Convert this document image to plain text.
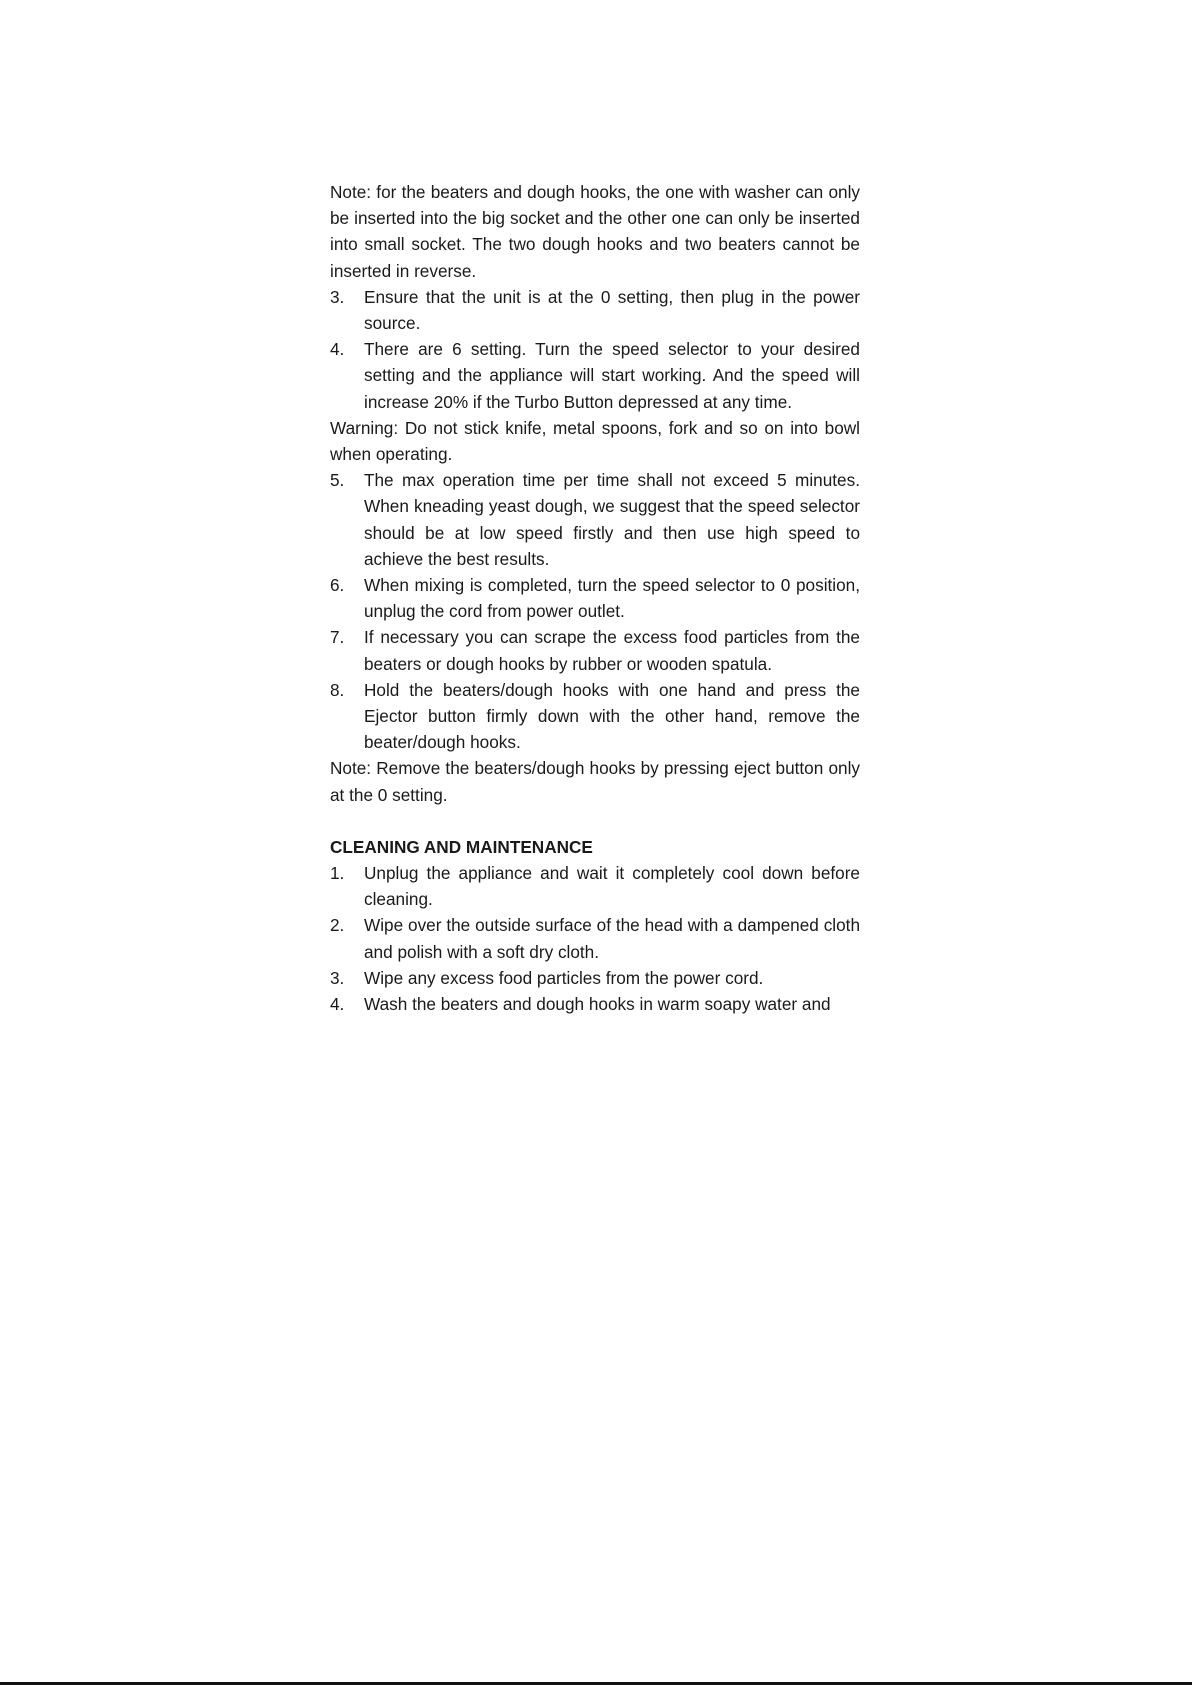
Note: for the beaters and dough hooks, the one with washer can only be inserted into the big socket and the other one can only be inserted into small socket. The two dough hooks and two beaters cannot be inserted in reverse.

3. Ensure that the unit is at the 0 setting, then plug in the power source.
4. There are 6 setting. Turn the speed selector to your desired setting and the appliance will start working. And the speed will increase 20% if the Turbo Button depressed at any time.

Warning: Do not stick knife, metal spoons, fork and so on into bowl when operating.

5. The max operation time per time shall not exceed 5 minutes. When kneading yeast dough, we suggest that the speed selector should be at low speed firstly and then use high speed to achieve the best results.
6. When mixing is completed, turn the speed selector to 0 position, unplug the cord from power outlet.
7. If necessary you can scrape the excess food particles from the beaters or dough hooks by rubber or wooden spatula.
8. Hold the beaters/dough hooks with one hand and press the Ejector button firmly down with the other hand, remove the beater/dough hooks.

Note: Remove the beaters/dough hooks by pressing eject button only at the 0 setting.

CLEANING AND MAINTENANCE

1. Unplug the appliance and wait it completely cool down before cleaning.
2. Wipe over the outside surface of the head with a dampened cloth and polish with a soft dry cloth.
3. Wipe any excess food particles from the power cord.
4. Wash the beaters and dough hooks in warm soapy water and
